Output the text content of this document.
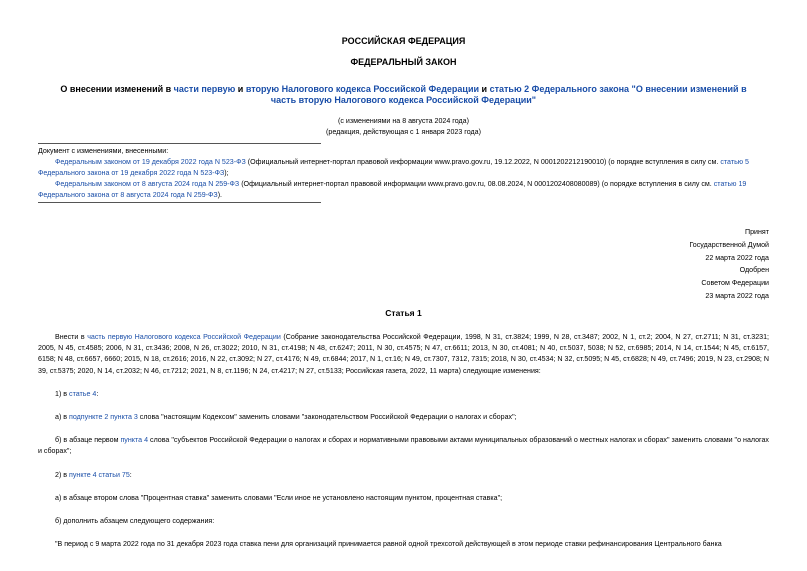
РОССИЙСКАЯ ФЕДЕРАЦИЯ
ФЕДЕРАЛЬНЫЙ ЗАКОН
О внесении изменений в части первую и вторую Налогового кодекса Российской Федерации и статью 2 Федерального закона "О внесении изменений в часть вторую Налогового кодекса Российской Федерации"
(с изменениями на 8 августа 2024 года)
(редакция, действующая с 1 января 2023 года)

Документ с изменениями, внесенными:

Федеральным законом от 19 декабря 2022 года N 523-ФЗ (Официальный интернет-портал правовой информации www.pravo.gov.ru, 19.12.2022, N 0001202212190010) (о порядке вступления в силу см. статью 5 Федерального закона от 19 декабря 2022 года N 523-ФЗ);

Федеральным законом от 8 августа 2024 года N 259-ФЗ (Официальный интернет-портал правовой информации www.pravo.gov.ru, 08.08.2024, N 0001202408080089) (о порядке вступления в силу см. статью 19 Федерального закона от 8 августа 2024 года N 259-ФЗ).

Принят
Государственной Думой
22 марта 2022 года
Одобрен
Советом Федерации
23 марта 2022 года
Статья 1

Внести в часть первую Налогового кодекса Российской Федерации (Собрание законодательства Российской Федерации, 1998, N 31, ст.3824; 1999, N 28, ст.3487; 2002, N 1, ст.2; 2004, N 27, ст.2711; N 31, ст.3231; 2005, N 45, ст.4585; 2006, N 31, ст.3436; 2008, N 26, ст.3022; 2010, N 31, ст.4198; N 48, ст.6247; 2011, N 30, ст.4575; N 47, ст.6611; 2013, N 30, ст.4081; N 40, ст.5037, 5038; N 52, ст.6985; 2014, N 14, ст.1544; N 45, ст.6157, 6158; N 48, ст.6657, 6660; 2015, N 18, ст.2616; 2016, N 22, ст.3092; N 27, ст.4176; N 49, ст.6844; 2017, N 1, ст.16; N 49, ст.7307, 7312, 7315; 2018, N 30, ст.4534; N 32, ст.5095; N 45, ст.6828; N 49, ст.7496; 2019, N 23, ст.2908; N 39, ст.5375; 2020, N 14, ст.2032; N 46, ст.7212; 2021, N 8, ст.1196; N 24, ст.4217; N 27, ст.5133; Российская газета, 2022, 11 марта) следующие изменения:

1) в статье 4:

а) в подпункте 2 пункта 3 слова "настоящим Кодексом" заменить словами "законодательством Российской Федерации о налогах и сборах";

б) в абзаце первом пункта 4 слова "субъектов Российской Федерации о налогах и сборах и нормативными правовыми актами муниципальных образований о местных налогах и сборах" заменить словами "о налогах и сборах";

2) в пункте 4 статьи 75:

а) в абзаце втором слова "Процентная ставка" заменить словами "Если иное не установлено настоящим пунктом, процентная ставка";

б) дополнить абзацем следующего содержания:

"В период с 9 марта 2022 года по 31 декабря 2023 года ставка пени для организаций принимается равной одной трехсотой действующей в этом периоде ставки рефинансирования Центрального банка
